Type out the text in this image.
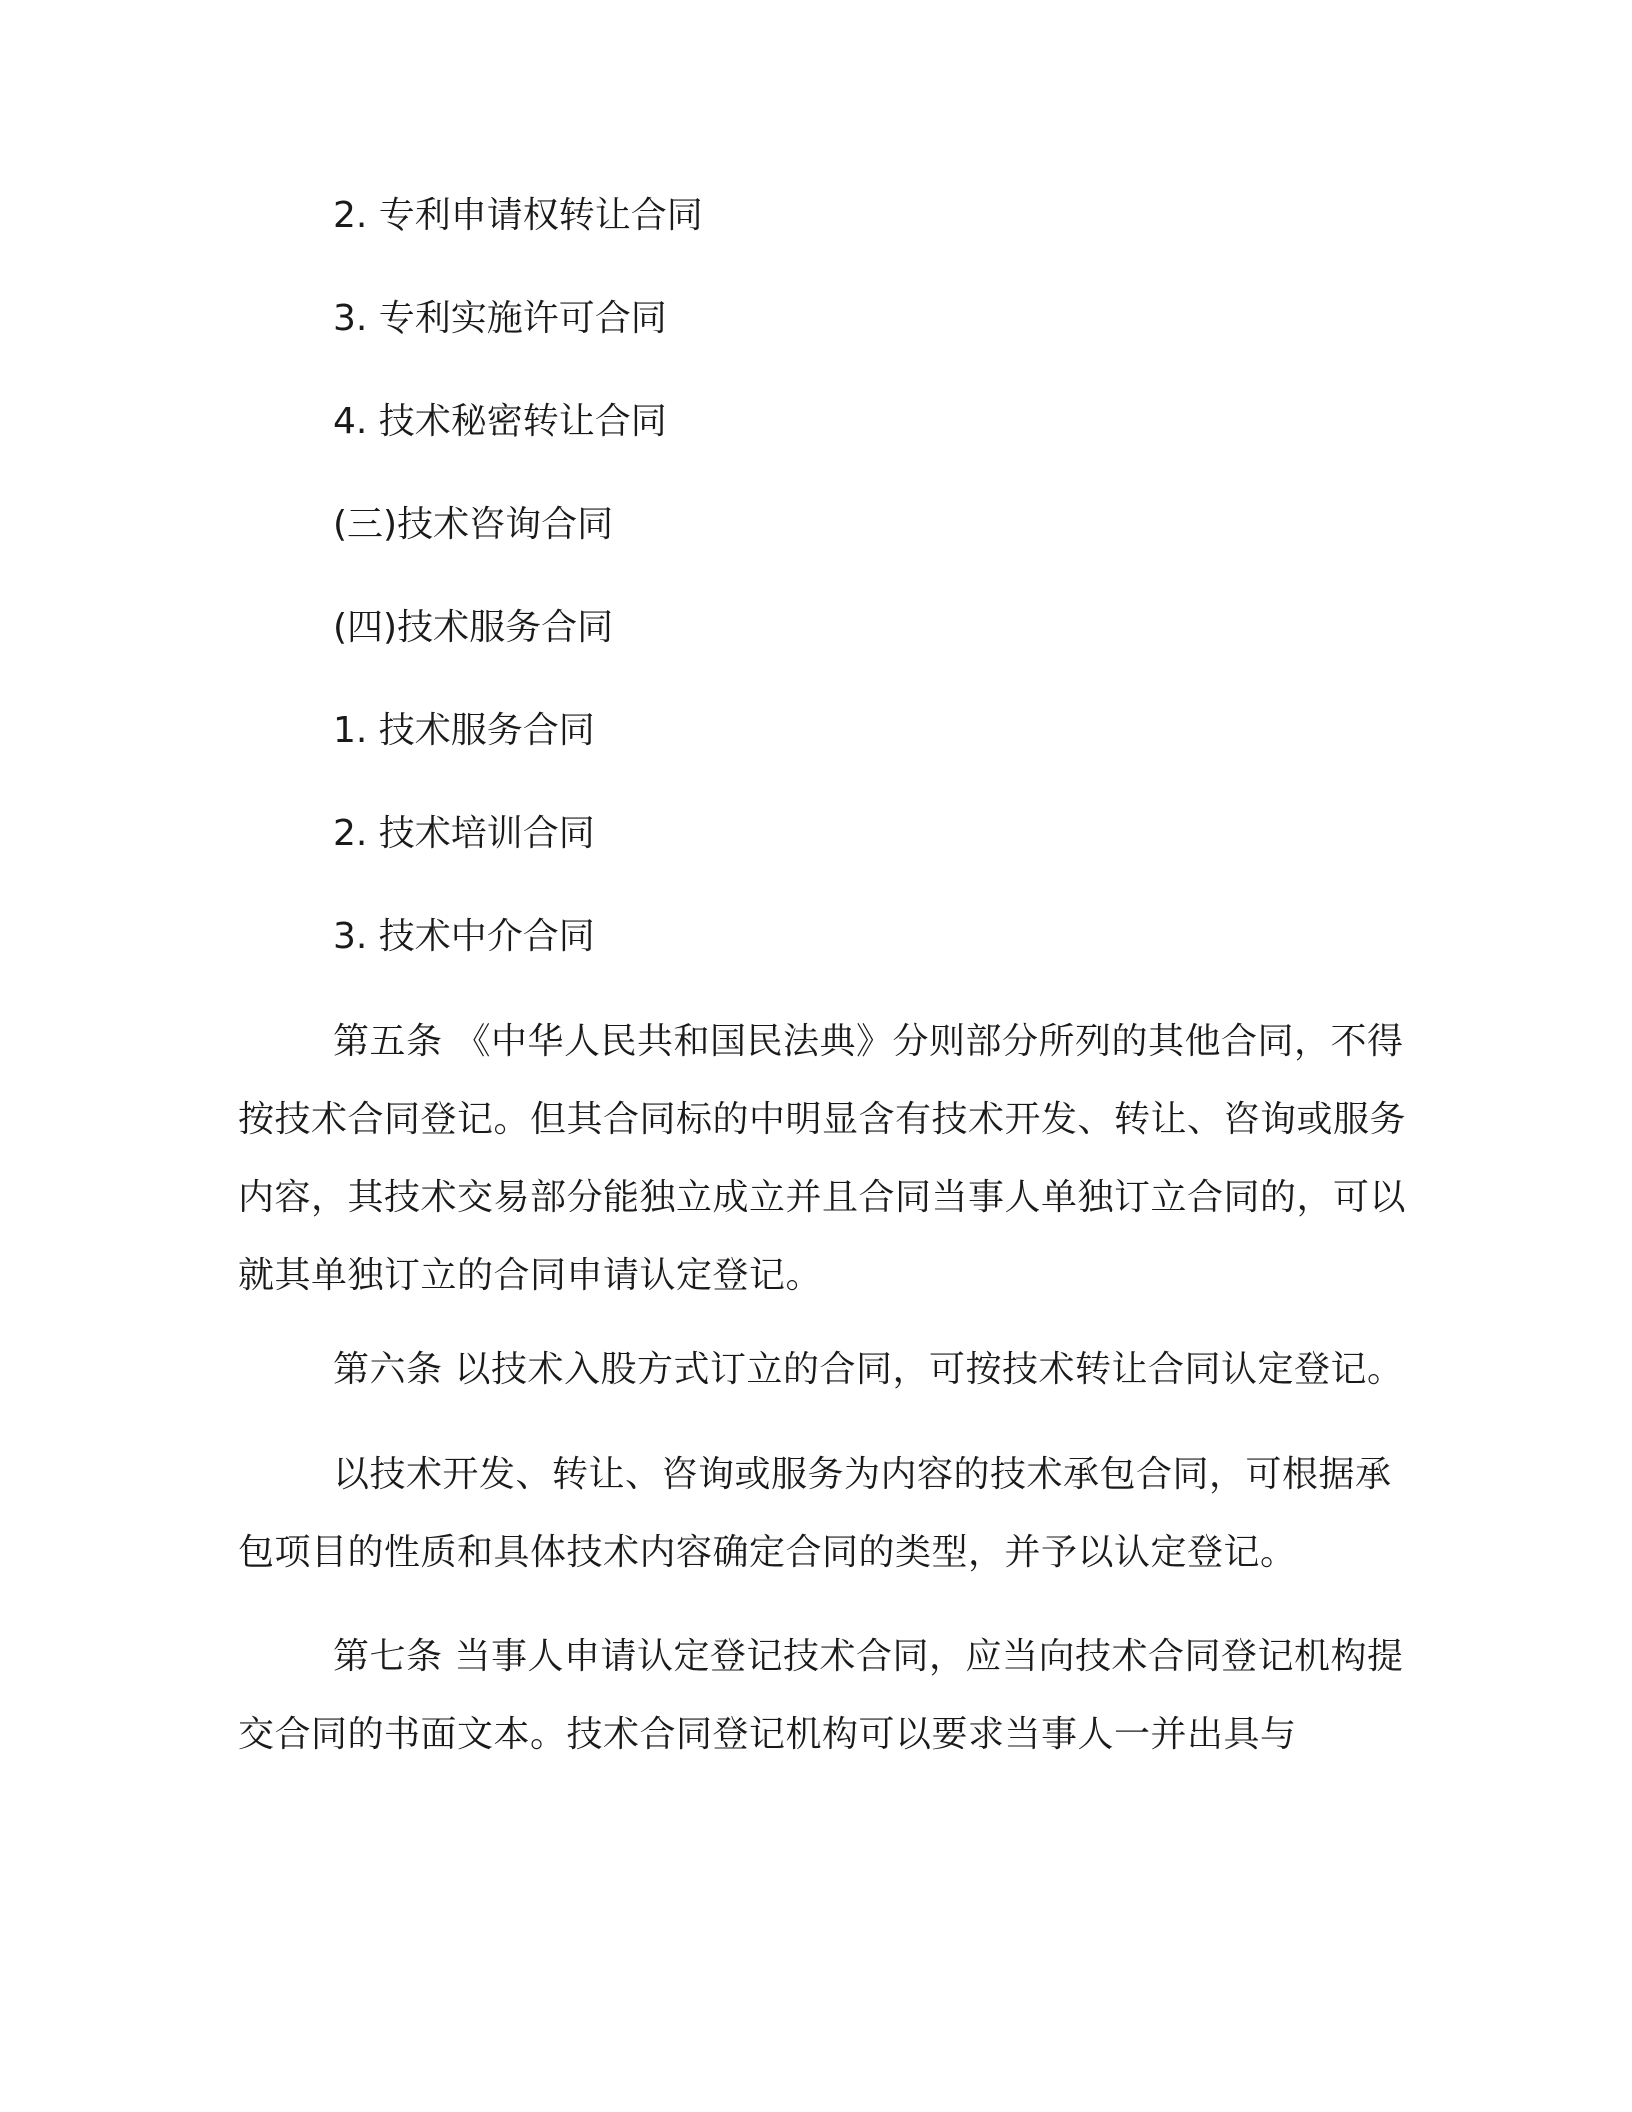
2. 专利申请权转让合同
3. 专利实施许可合同
4. 技术秘密转让合同
(三)技术咨询合同
(四)技术服务合同
1. 技术服务合同
2. 技术培训合同
3. 技术中介合同

第五条 《中华人民共和国民法典》分则部分所列的其他合同，不得按技术合同登记。但其合同标的中明显含有技术开发、转让、咨询或服务内容，其技术交易部分能独立成立并且合同当事人单独订立合同的，可以就其单独订立的合同申请认定登记。

第六条 以技术入股方式订立的合同，可按技术转让合同认定登记。

以技术开发、转让、咨询或服务为内容的技术承包合同，可根据承包项目的性质和具体技术内容确定合同的类型，并予以认定登记。

第七条 当事人申请认定登记技术合同，应当向技术合同登记机构提交合同的书面文本。技术合同登记机构可以要求当事人一并出具与
